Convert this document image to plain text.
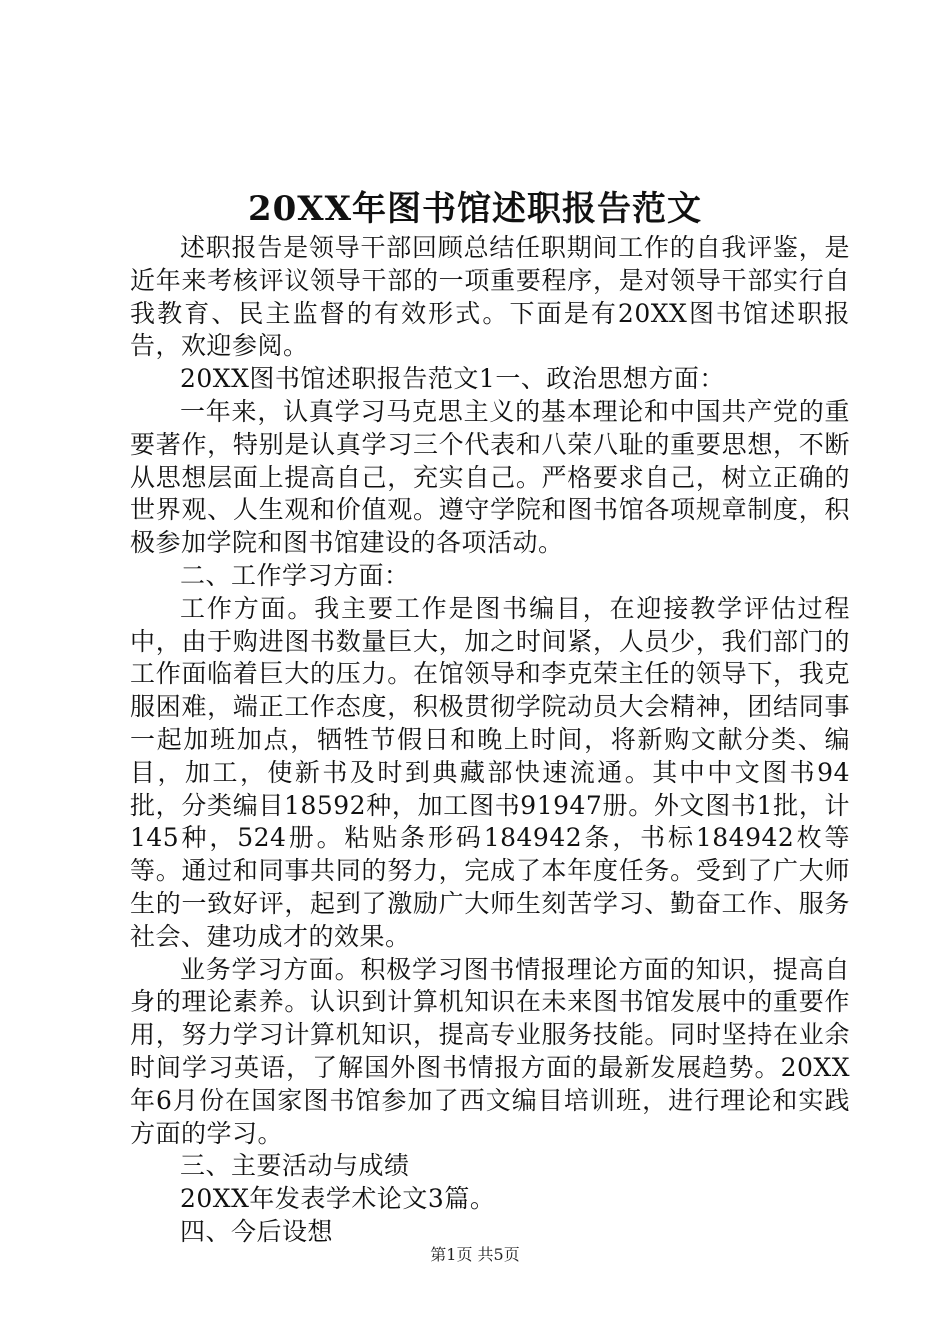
20XX年图书馆述职报告范文

述职报告是领导干部回顾总结任职期间工作的自我评鉴，是近年来考核评议领导干部的一项重要程序，是对领导干部实行自我教育、民主监督的有效形式。下面是有20XX图书馆述职报告，欢迎参阅。

20XX图书馆述职报告范文1一、政治思想方面：

一年来，认真学习马克思主义的基本理论和中国共产党的重要著作，特别是认真学习三个代表和八荣八耻的重要思想，不断从思想层面上提高自己，充实自己。严格要求自己，树立正确的世界观、人生观和价值观。遵守学院和图书馆各项规章制度，积极参加学院和图书馆建设的各项活动。

二、工作学习方面：

工作方面。我主要工作是图书编目，在迎接教学评估过程中，由于购进图书数量巨大，加之时间紧，人员少，我们部门的工作面临着巨大的压力。在馆领导和李克荣主任的领导下，我克服困难，端正工作态度，积极贯彻学院动员大会精神，团结同事一起加班加点，牺牲节假日和晚上时间，将新购文献分类、编目，加工，使新书及时到典藏部快速流通。其中中文图书94批，分类编目18592种，加工图书91947册。外文图书1批，计145种，524册。粘贴条形码184942条，书标184942枚等等。通过和同事共同的努力，完成了本年度任务。受到了广大师生的一致好评，起到了激励广大师生刻苦学习、勤奋工作、服务社会、建功成才的效果。

业务学习方面。积极学习图书情报理论方面的知识，提高自身的理论素养。认识到计算机知识在未来图书馆发展中的重要作用，努力学习计算机知识，提高专业服务技能。同时坚持在业余时间学习英语，了解国外图书情报方面的最新发展趋势。20XX年6月份在国家图书馆参加了西文编目培训班，进行理论和实践方面的学习。

三、主要活动与成绩

20XX年发表学术论文3篇。

四、今后设想

第1页 共5页
